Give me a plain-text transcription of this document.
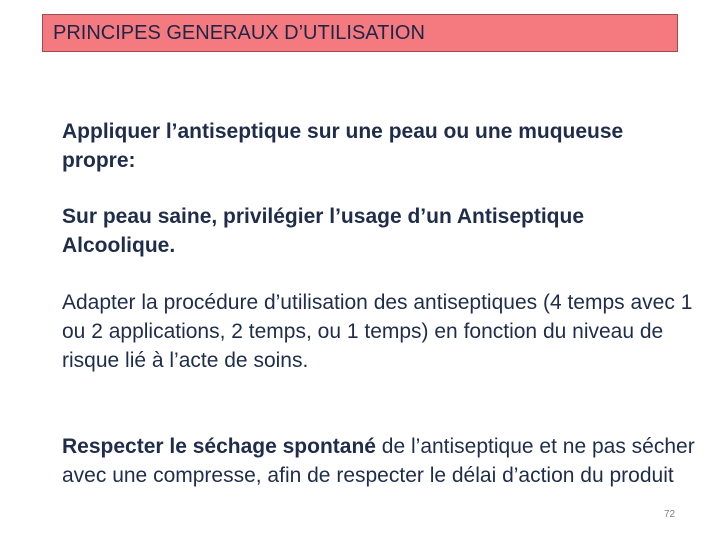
PRINCIPES GENERAUX D’UTILISATION
Appliquer l’antiseptique sur une peau ou une muqueuse propre:
Sur peau saine, privilégier l’usage d’un Antiseptique Alcoolique.
Adapter la procédure d’utilisation des antiseptiques (4 temps avec 1 ou 2 applications, 2 temps, ou 1 temps) en fonction du niveau de risque lié à l’acte de soins.
Respecter le séchage spontané de l’antiseptique et ne pas sécher avec une compresse, afin de respecter le délai d’action du produit
72
